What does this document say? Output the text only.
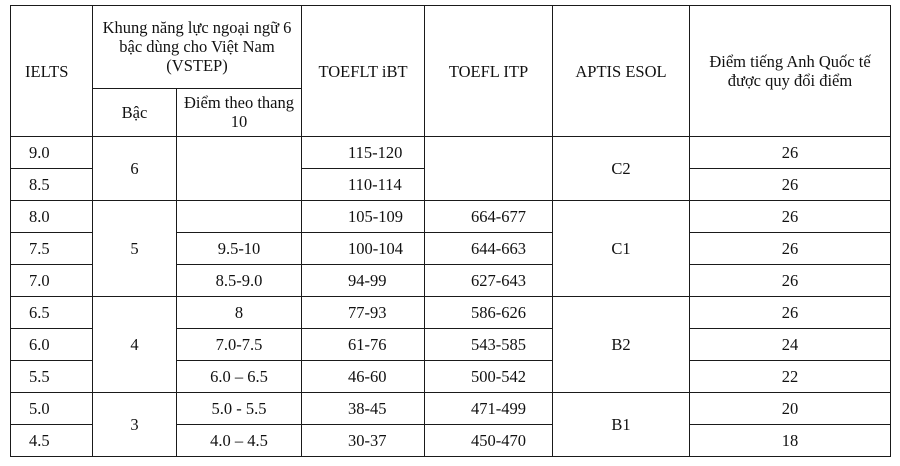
IELTS	Khung năng lực ngoại ngữ 6 bậc dùng cho Việt Nam (VSTEP)		TOEFLT iBT	TOEFL ITP	APTIS ESOL	Điểm tiếng Anh Quốc tế được quy đổi điểm
	Bậc	Điểm theo thang 10				
9.0	6		115-120		C2	26
8.5			110-114			26
8.0	5		105-109	664-677	C1	26
7.5		9.5-10	100-104	644-663		26
7.0		8.5-9.0	94-99	627-643		26
6.5	4	8	77-93	586-626	B2	26
6.0		7.0-7.5	61-76	543-585		24
5.5		6.0 – 6.5	46-60	500-542		22
5.0	3	5.0 - 5.5	38-45	471-499	B1	20
4.5		4.0 – 4.5	30-37	450-470		18
